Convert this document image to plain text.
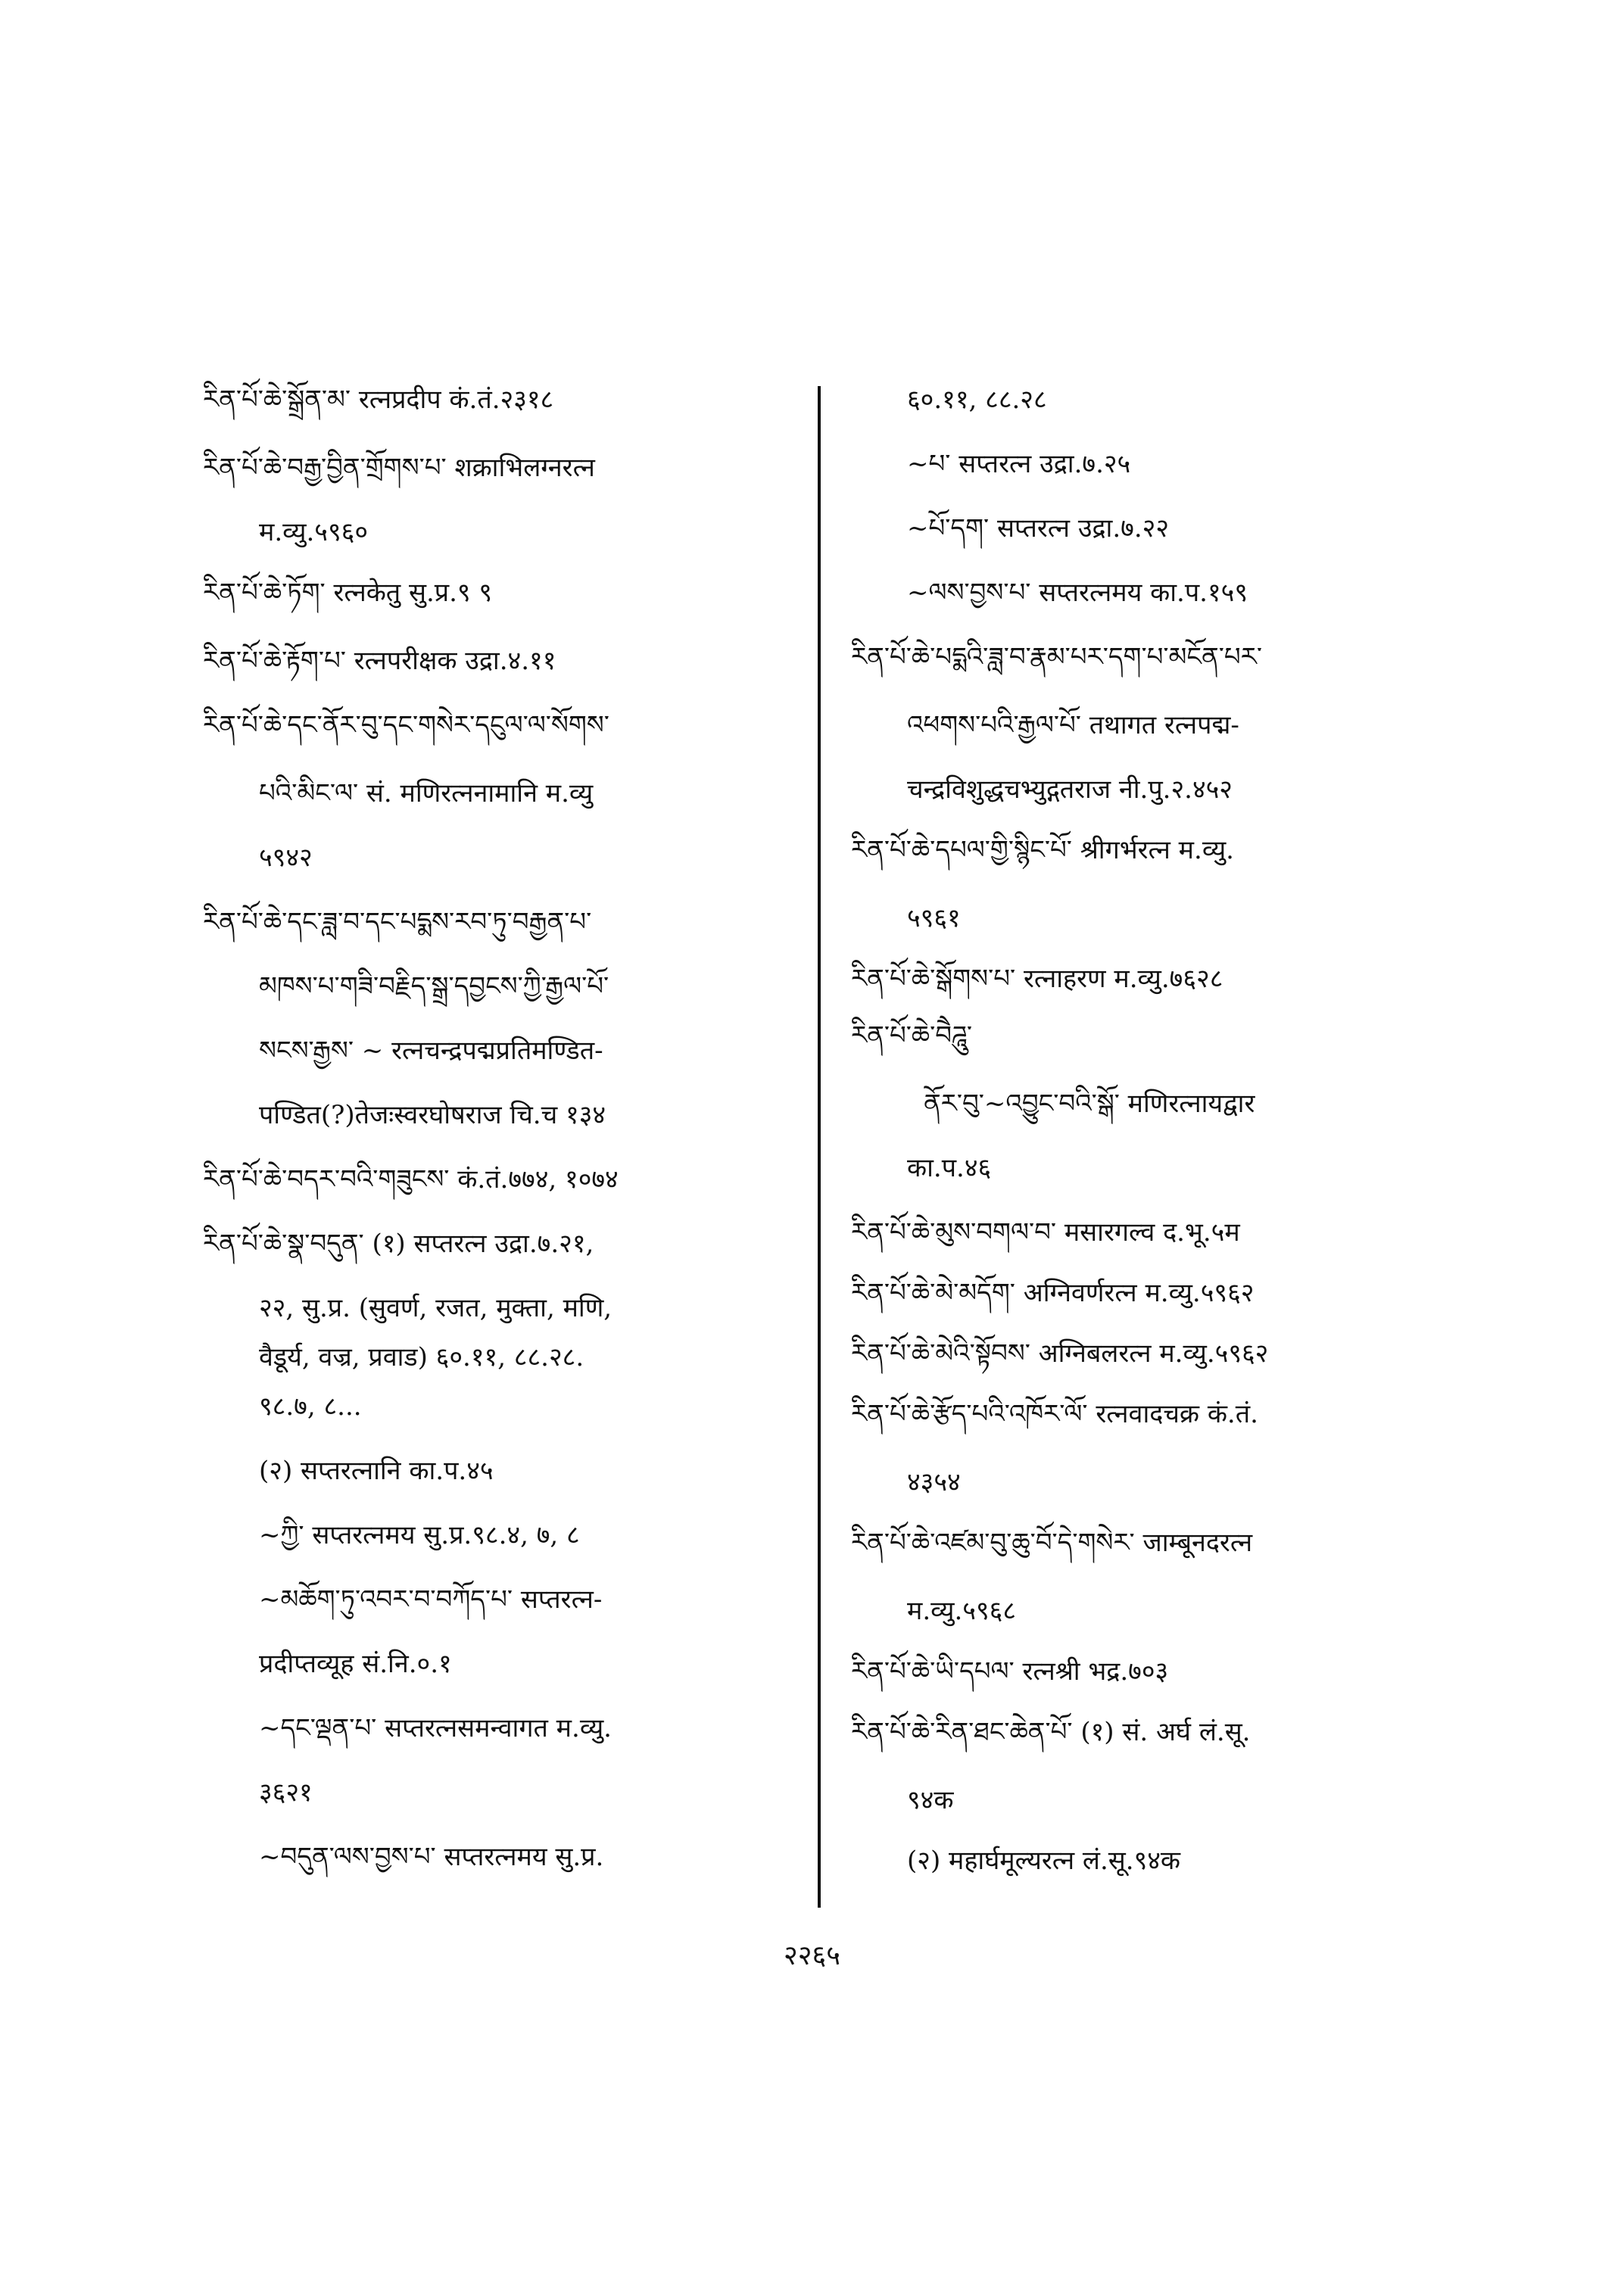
རིན་པོ་ཆེ་སྒྲོན་མ་ रत्नप्रदीप कं.तं.२३१८
རིན་པོ་ཆེ་བརྒྱ་བྱིན་གྲོགས་པ་ शक्राभिलग्नरत्न
म.व्यु.५९६०
རིན་པོ་ཆེ་ཏོག་ रत्नकेतु सु.प्र.९ ९
རིན་པོ་ཆེ་རྟོག་པ་ रत्नपरीक्षक उद्रा.४.११
རིན་པོ་ཆེ་དང་ནོར་བུ་དང་གསེར་དངུལ་ལ་སོགས་
པའི་མིང་ལ་ सं. मणिरत्ननामानि म.व्यु
५९४२
རིན་པོ་ཆེ་དང་ཟླ་བ་དང་པདྨས་རབ་ཏུ་བརྒྱན་པ་
མཁས་པ་གཟི་བརྗིད་སྒྲ་དབྱངས་ཀྱི་རྒྱལ་པོ་
སངས་རྒྱས་ ~ रत्नचन्द्रपद्मप्रतिमण्डित-
पण्डित(?)तेजःस्वरघोषराज चि.च १३४
རིན་པོ་ཆེ་བདར་བའི་གཟུངས་ कं.तं.७७४, १०७४
རིན་པོ་ཆེ་སྣ་བདུན་ (१) सप्तरत्न उद्रा.७.२१,
२२, सु.प्र. (सुवर्ण, रजत, मुक्ता, मणि,
वैडूर्य, वज्र, प्रवाड) ६०.११, ८८.२८.
९८.७, ८...
(२) सप्तरत्नानि का.प.४५
~ཀྱི་ सप्तरत्नमय सु.प्र.९८.४, ७, ८
~མཆོག་ཏུ་འབར་བ་བཀོད་པ་ सप्तरत्न-
प्रदीप्तव्यूह सं.नि.०.१
~དང་ལྡན་པ་ सप्तरत्नसमन्वागत म.व्यु.
३६२१
~བདུན་ལས་བྱས་པ་ सप्तरत्नमय सु.प्र.
६०.११, ८८.२८
~པ་ सप्तरत्न उद्रा.७.२५
~པོ་དག་ सप्तरत्न उद्रा.७.२२
~ལས་བྱས་པ་ सप्तरत्नमय का.प.१५९
རིན་པོ་ཆེ་པདྨའི་ཟླ་བ་རྣམ་པར་དག་པ་མངོན་པར་
འཕགས་པའི་རྒྱལ་པོ་ तथागत रत्नपद्म-
चन्द्रविशुद्धचभ्युद्गतराज नी.पु.२.४५२
རིན་པོ་ཆེ་དཔལ་གྱི་སྙིང་པོ་ श्रीगर्भरत्न म.व्यु.
५९६१
རིན་པོ་ཆེ་སྒོགས་པ་ रत्नाहरण म.व्यु.७६२८
རིན་པོ་ཆེ་བཻཌཱུ་
ནོར་བུ་~འབྱུང་བའི་སྒོ་ मणिरत्नायद्वार
का.प.४६
རིན་པོ་ཆེ་མུས་བགལ་བ་ मसारगल्व द.भू.५म
རིན་པོ་ཆེ་མེ་མདོག་ अग्निवर्णरत्न म.व्यु.५९६२
རིན་པོ་ཆེ་མེའི་སྟོབས་ अग्निबलरत्न म.व्यु.५९६२
རིན་པོ་ཆེ་རྩོད་པའི་འཁོར་ལོ་ रत्नवादचक्र कं.तं.
४३५४
རིན་པོ་ཆེ་འཛམ་བུ་ཆུ་བོ་དེ་གསེར་ जाम्बूनदरत्न
म.व्यु.५९६८
རིན་པོ་ཆེ་ཡི་དཔལ་ रत्नश्री भद्र.७०३
རིན་པོ་ཆེ་རིན་ཐང་ཆེན་པོ་ (१) सं. अर्घ लं.सू.
९४क
(२) महार्घमूल्यरत्न लं.सू.९४क
२२६५
